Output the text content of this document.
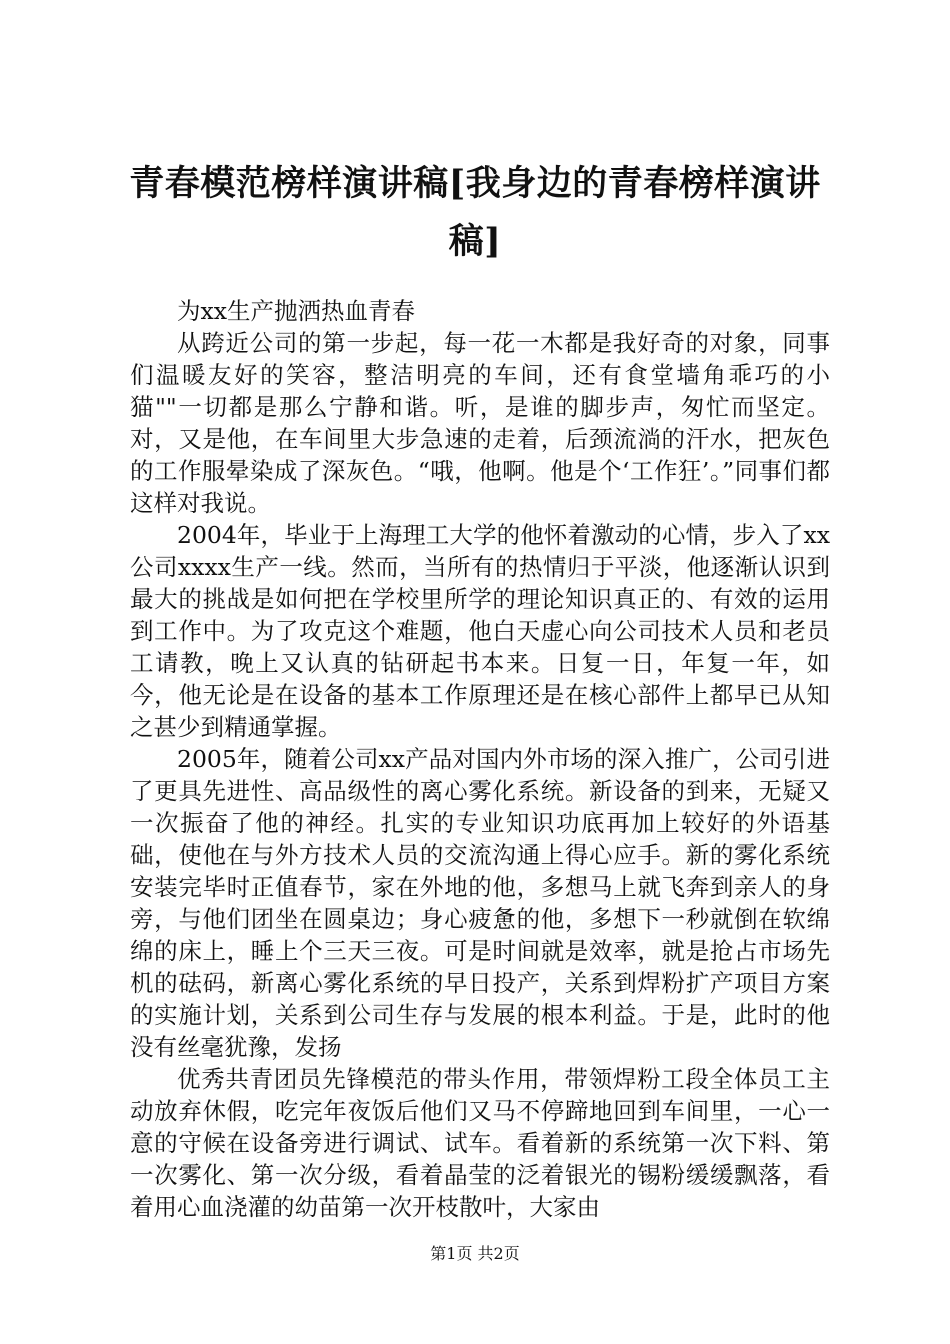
青春模范榜样演讲稿[我身边的青春榜样演讲稿]

为xx生产抛洒热血青春

从跨近公司的第一步起，每一花一木都是我好奇的对象，同事们温暖友好的笑容，整洁明亮的车间，还有食堂墙角乖巧的小猫""一切都是那么宁静和谐。听，是谁的脚步声，匆忙而坚定。对，又是他，在车间里大步急速的走着，后颈流淌的汗水，把灰色的工作服晕染成了深灰色。“哦，他啊。他是个‘工作狂’。”同事们都这样对我说。

2004年，毕业于上海理工大学的他怀着激动的心情，步入了xx公司xxxx生产一线。然而，当所有的热情归于平淡，他逐渐认识到最大的挑战是如何把在学校里所学的理论知识真正的、有效的运用到工作中。为了攻克这个难题，他白天虚心向公司技术人员和老员工请教，晚上又认真的钻研起书本来。日复一日，年复一年，如今，他无论是在设备的基本工作原理还是在核心部件上都早已从知之甚少到精通掌握。

2005年，随着公司xx产品对国内外市场的深入推广，公司引进了更具先进性、高品级性的离心雾化系统。新设备的到来，无疑又一次振奋了他的神经。扎实的专业知识功底再加上较好的外语基础，使他在与外方技术人员的交流沟通上得心应手。新的雾化系统安装完毕时正值春节，家在外地的他，多想马上就飞奔到亲人的身旁，与他们团坐在圆桌边；身心疲惫的他，多想下一秒就倒在软绵绵的床上，睡上个三天三夜。可是时间就是效率，就是抢占市场先机的砝码，新离心雾化系统的早日投产，关系到焊粉扩产项目方案的实施计划，关系到公司生存与发展的根本利益。于是，此时的他没有丝毫犹豫，发扬

优秀共青团员先锋模范的带头作用，带领焊粉工段全体员工主动放弃休假，吃完年夜饭后他们又马不停蹄地回到车间里，一心一意的守候在设备旁进行调试、试车。看着新的系统第一次下料、第一次雾化、第一次分级，看着晶莹的泛着银光的锡粉缓缓飘落，看着用心血浇灌的幼苗第一次开枝散叶，大家由

第1页 共2页
